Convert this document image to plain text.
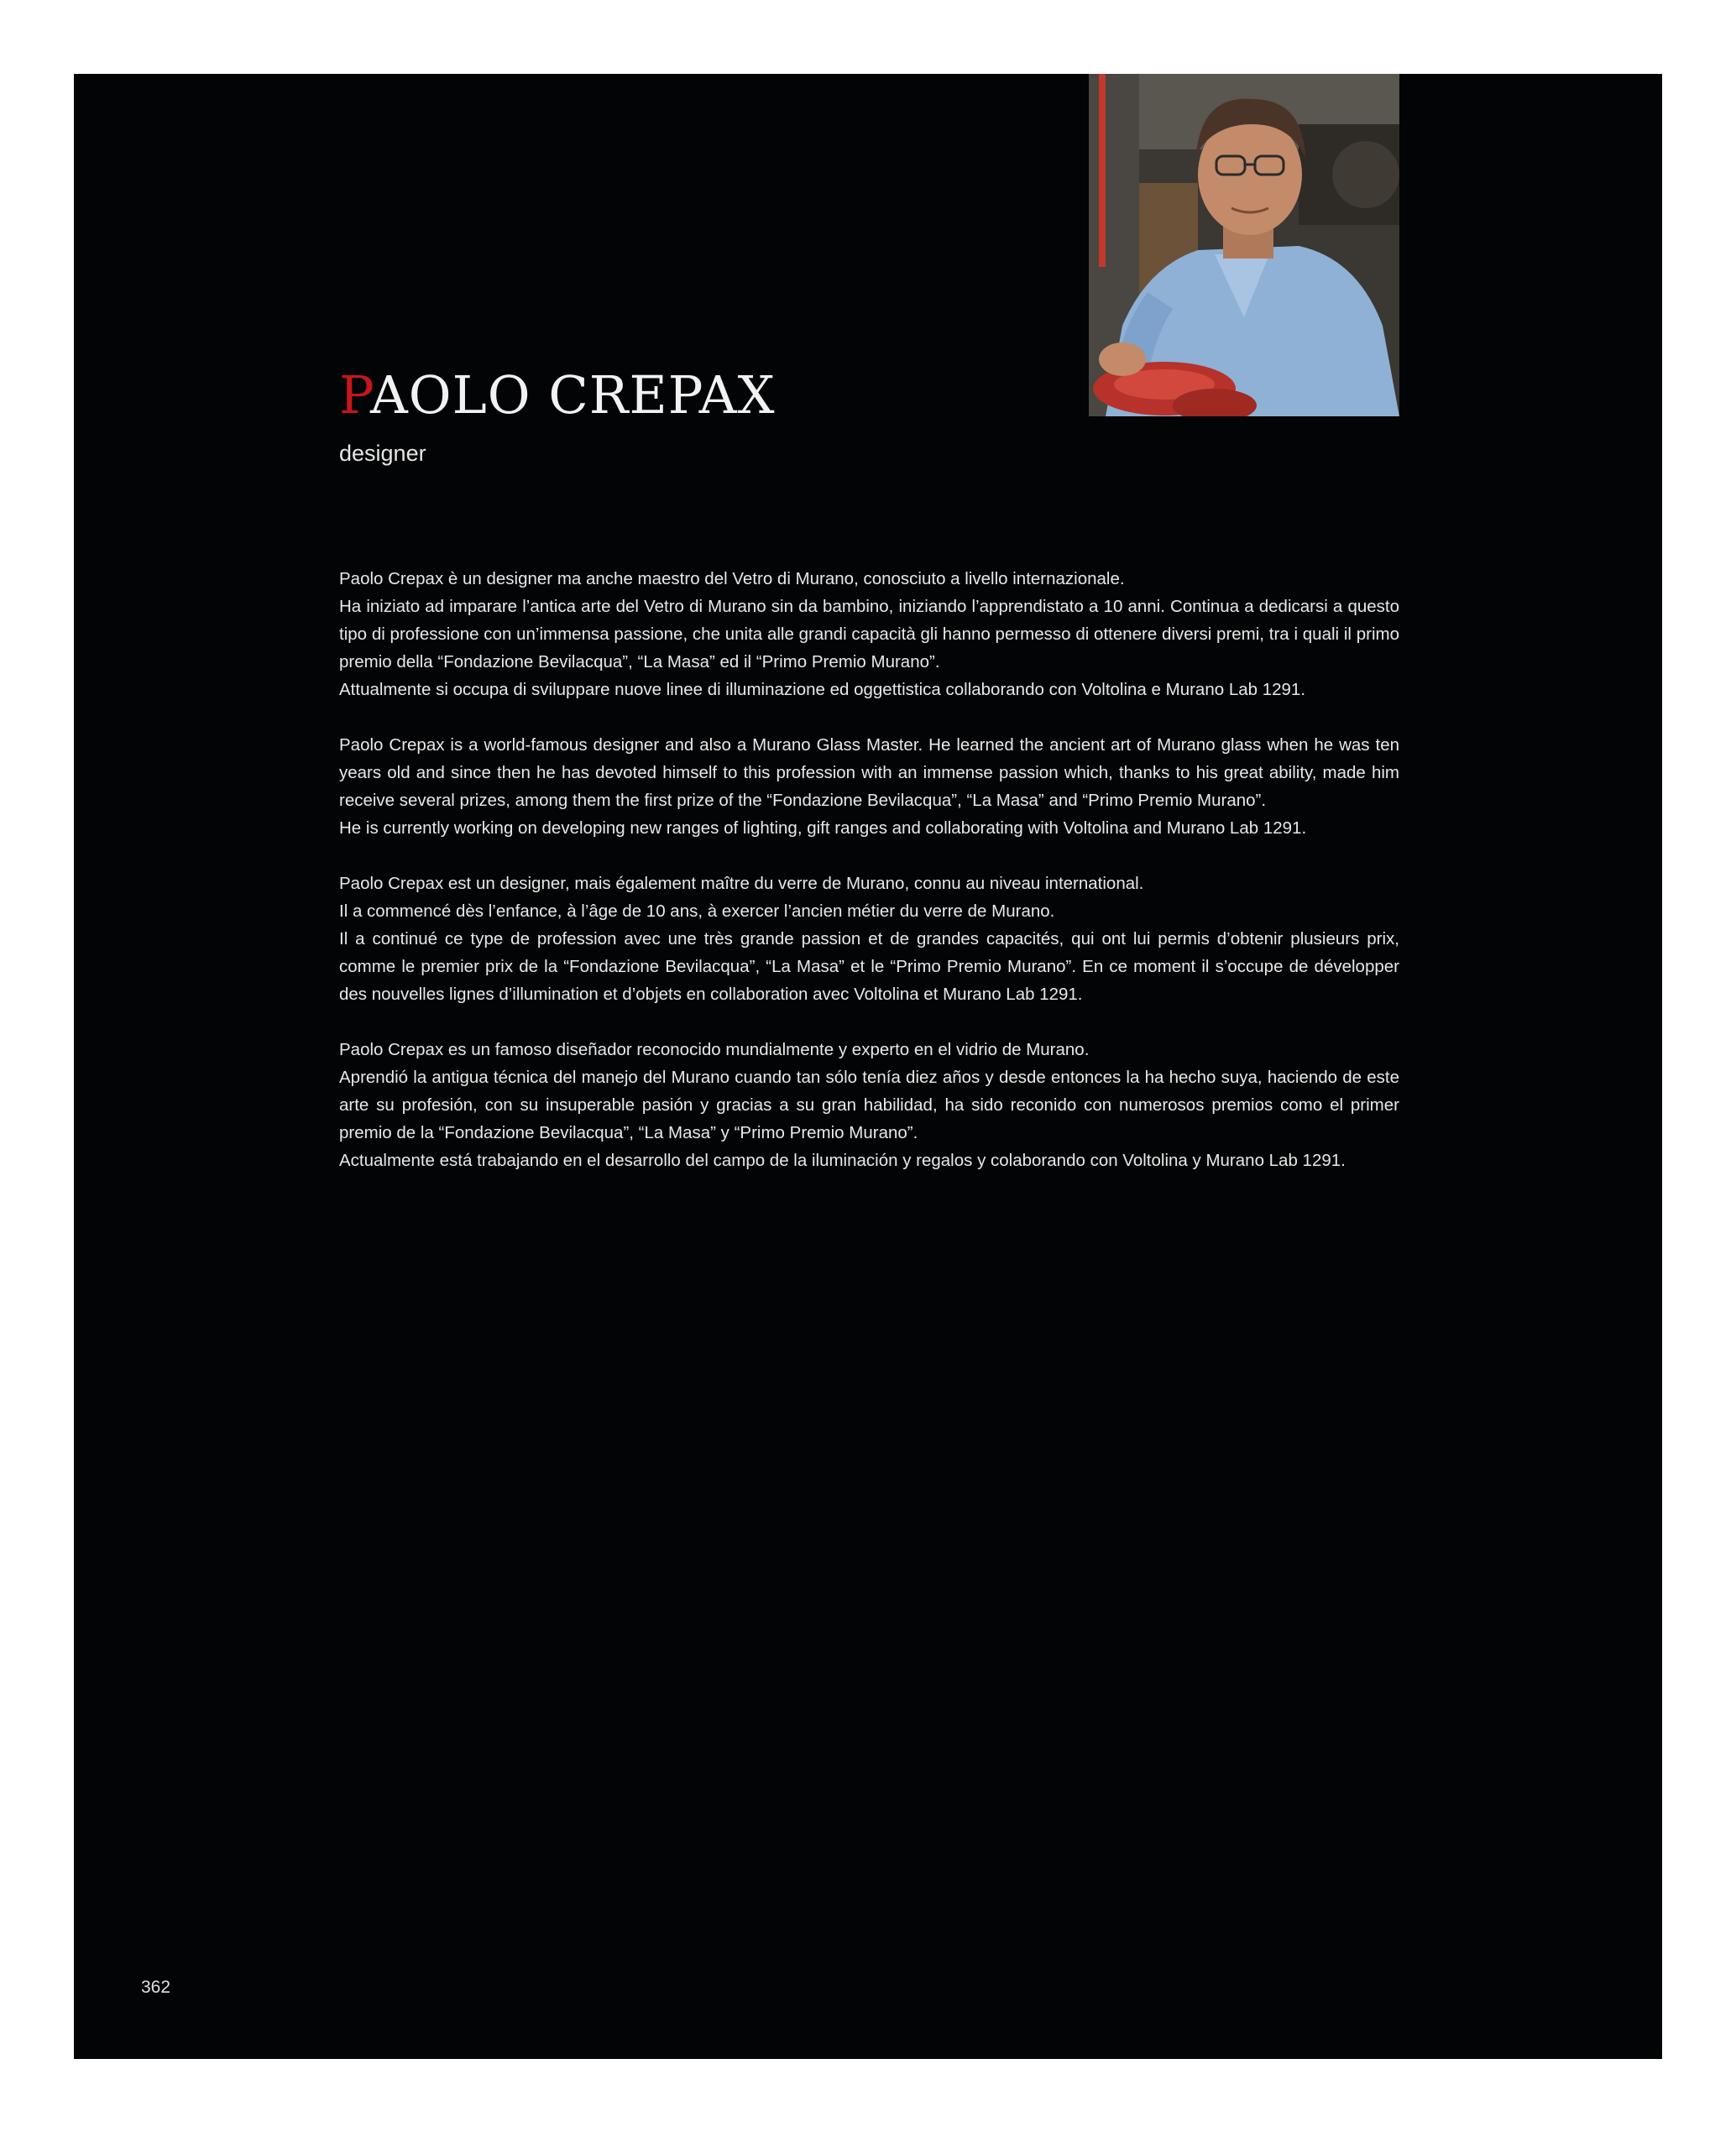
PAOLO CREPAX
designer

Paolo Crepax è un designer ma anche maestro del Vetro di Murano, conosciuto a livello internazionale.
Ha iniziato ad imparare l’antica arte del Vetro di Murano sin da bambino, iniziando l’apprendistato a 10 anni. Continua a dedicarsi a questo tipo di professione con un’immensa passione, che unita alle grandi capacità gli hanno permesso di ottenere diversi premi, tra i quali il primo premio della “Fondazione Bevilacqua”, “La Masa” ed il “Primo Premio Murano”.
Attualmente si occupa di sviluppare nuove linee di illuminazione ed oggettistica collaborando con Voltolina e Murano Lab 1291.

Paolo Crepax is a world-famous designer and also a Murano Glass Master. He learned the ancient art of Murano glass when he was ten years old and since then he has devoted himself to this profession with an immense passion which, thanks to his great ability, made him receive several prizes, among them the first prize of the “Fondazione Bevilacqua”, “La Masa” and “Primo Premio Murano”.
He is currently working on developing new ranges of lighting, gift ranges and collaborating with Voltolina and Murano Lab 1291.

Paolo Crepax est un designer, mais également maître du verre de Murano, connu au niveau international.
Il a commencé dès l’enfance, à l’âge de 10 ans, à exercer l’ancien métier du verre de Murano.
Il a continué ce type de profession avec une très grande passion et de grandes capacités, qui ont lui permis d’obtenir plusieurs prix, comme le premier prix de la “Fondazione Bevilacqua”, “La Masa” et le “Primo Premio Murano”. En ce moment il s’occupe de développer des nouvelles lignes d’illumination et d’objets en collaboration avec Voltolina et Murano Lab 1291.

Paolo Crepax es un famoso diseñador reconocido mundialmente y experto en el vidrio de Murano.
Aprendió la antigua técnica del manejo del Murano cuando tan sólo tenía diez años y desde entonces la ha hecho suya, haciendo de este arte su profesión, con su insuperable pasión y gracias a su gran habilidad, ha sido reconido con numerosos premios como el primer premio de la “Fondazione Bevilacqua”, “La Masa” y “Primo Premio Murano”.
Actualmente está trabajando en el desarrollo del campo de la iluminación y regalos y colaborando con Voltolina y Murano Lab 1291.

362
